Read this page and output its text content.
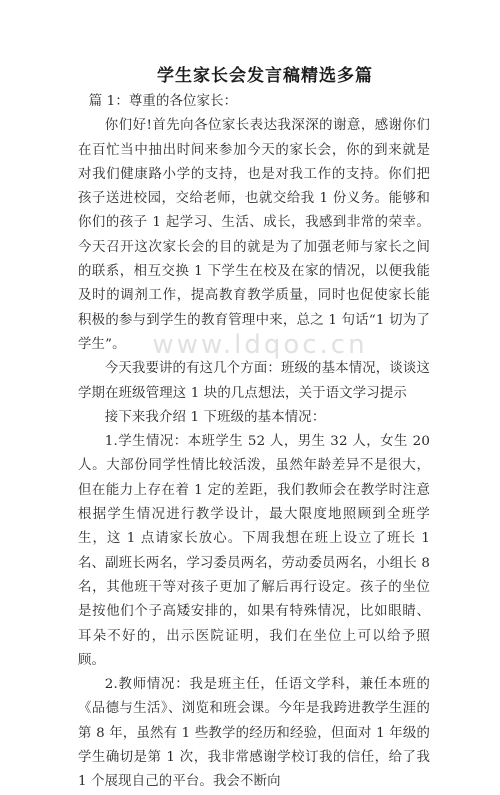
学生家长会发言稿精选多篇

篇 1：尊重的各位家长：

你们好!首先向各位家长表达我深深的谢意，感谢你们在百忙当中抽出时间来参加今天的家长会，你的到来就是对我们健康路小学的支持，也是对我工作的支持。你们把孩子送进校园，交给老师，也就交给我 1 份义务。能够和你们的孩子 1 起学习、生活、成长，我感到非常的荣幸。今天召开这次家长会的目的就是为了加强老师与家长之间的联系，相互交换 1 下学生在校及在家的情况，以便我能及时的调剂工作，提高教育教学质量，同时也促使家长能积极的参与到学生的教育管理中来，总之 1 句话“1 切为了学生”。

今天我要讲的有这几个方面：班级的基本情况，谈谈这学期在班级管理这 1 块的几点想法，关于语文学习提示

接下来我介绍 1 下班级的基本情况：

1.学生情况：本班学生 52 人，男生 32 人，女生 20 人。大部份同学性情比较活泼，虽然年龄差异不是很大，但在能力上存在着 1 定的差距，我们教师会在教学时注意根据学生情况进行教学设计，最大限度地照顾到全班学生，这 1 点请家长放心。下周我想在班上设立了班长 1 名、副班长两名，学习委员两名，劳动委员两名，小组长 8 名，其他班干等对孩子更加了解后再行设定。孩子的坐位是按他们个子高矮安排的，如果有特殊情况，比如眼睛、耳朵不好的，出示医院证明，我们在坐位上可以给予照顾。

2.教师情况：我是班主任，任语文学科，兼任本班的《品德与生活》、浏览和班会课。今年是我跨进教学生涯的第 8 年，虽然有 1 些教学的经历和经验，但面对 1 年级的学生确切是第 1 次，我非常感谢学校订我的信任，给了我 1 个展现自己的平台。我会不断向

www.ldqoc.cn
